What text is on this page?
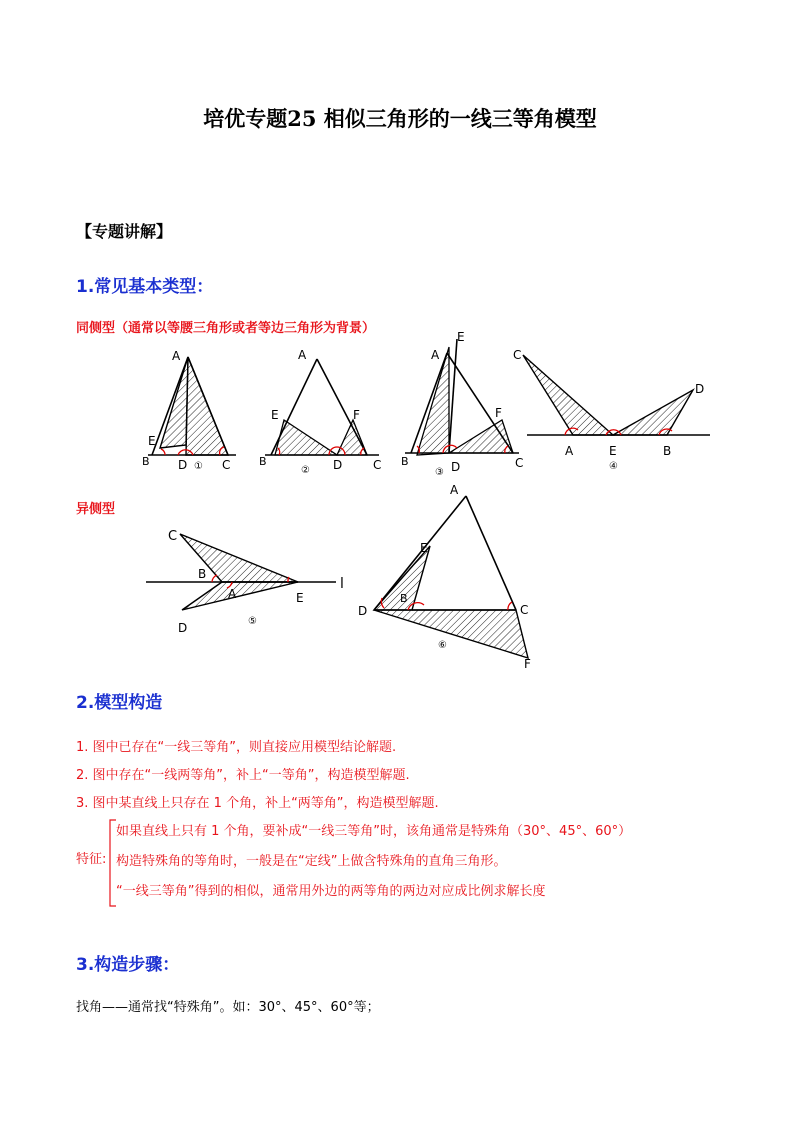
培优专题25 相似三角形的一线三等角模型
【专题讲解】
1.常见基本类型：
同侧型（通常以等腰三角形或者等边三角形为背景）
A
E
B D ① C
A
E	F
B	D
②	C
A
E
F
B
③ D	C
C
D
A	E
④
B
异侧型
C
B
A	E
l
D	⑤
A
E
B
D	C
⑥
F
2.模型构造
1. 图中已存在“一线三等角”，则直接应用模型结论解题.
2. 图中存在“一线两等角”，补上“一等角”，构造模型解题.
3. 图中某直线上只存在 1 个角，补上“两等角”，构造模型解题.
特征:
如果直线上只有 1 个角，要补成“一线三等角”时，该角通常是特殊角（30°、45°、60°）
构造特殊角的等角时，一般是在“定线”上做含特殊角的直角三角形。
“一线三等角”得到的相似，通常用外边的两等角的两边对应成比例求解长度
3.构造步骤：
找角——通常找“特殊角”。如：30°、45°、60°等；
